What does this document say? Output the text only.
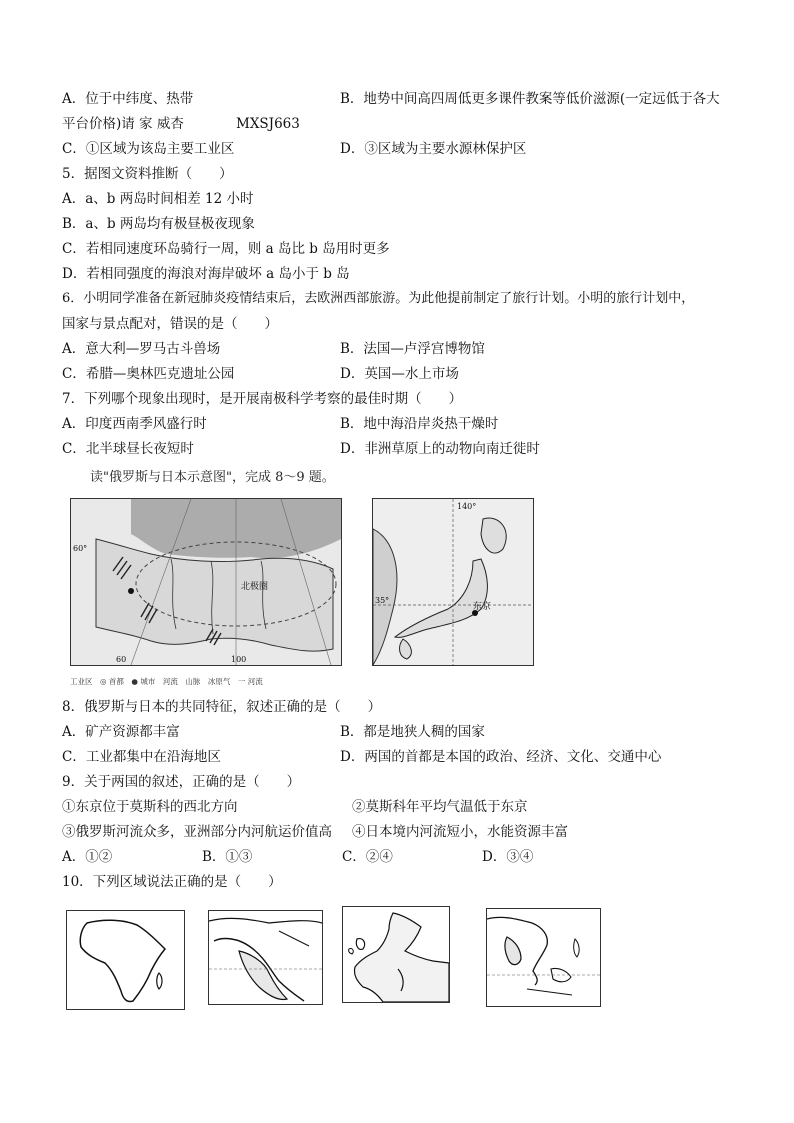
A．位于中纬度、热带	B．地势中间高四周低更多课件教案等低价滋源(一定远低于各大
平台价格)请 家 威杏	MXSJ663
C．①区域为该岛主要工业区	D．③区域为主要水源林保护区
5．据图文资料推断（　　）
A．a、b 两岛时间相差 12 小时
B．a、b 两岛均有极昼极夜现象
C．若相同速度环岛骑行一周，则 a 岛比 b 岛用时更多
D．若相同强度的海浪对海岸破坏 a 岛小于 b 岛
6．小明同学准备在新冠肺炎疫情结束后，去欧洲西部旅游。为此他提前制定了旅行计划。小明的旅行计划中，
国家与景点配对，错误的是（　　）
A．意大利—罗马古斗兽场	B．法国—卢浮宫博物馆
C．希腊—奥林匹克遗址公园	D．英国—水上市场
7．下列哪个现象出现时，是开展南极科学考察的最佳时期（　　）
A．印度西南季风盛行时	B．地中海沿岸炎热干燥时
C．北半球昼长夜短时	D．非洲草原上的动物向南迁徙时
读"俄罗斯与日本示意图"，完成 8～9 题。
北极圈
60°
100
60
东京
140°
35°
工业区　◎ 首都　● 城市　河流　山脉　冰原气　一 河流
8．俄罗斯与日本的共同特征，叙述正确的是（　　）
A．矿产资源都丰富	B．都是地狭人稠的国家
C．工业都集中在沿海地区	D．两国的首都是本国的政治、经济、文化、交通中心
9．关于两国的叙述，正确的是（　　）
①东京位于莫斯科的西北方向	②莫斯科年平均气温低于东京
③俄罗斯河流众多，亚洲部分内河航运价值高 ④日本境内河流短小，水能资源丰富
A．①②	B．①③	C．②④	D．③④
10．下列区域说法正确的是（　　）
